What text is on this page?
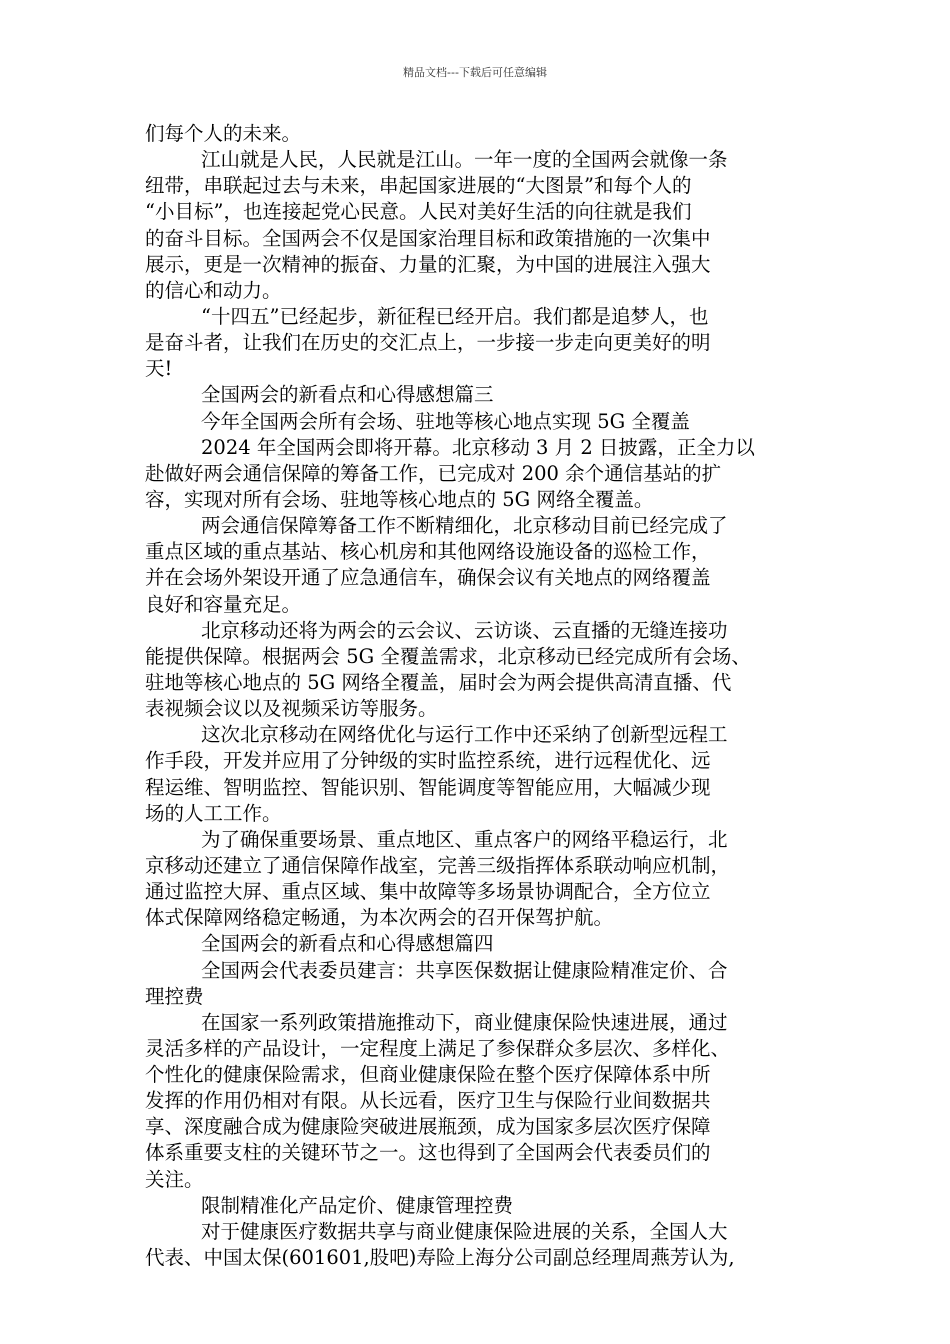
精品文档---下载后可任意编辑
们每个人的未来。
江山就是人民，人民就是江山。一年一度的全国两会就像一条
纽带，串联起过去与未来，串起国家进展的“大图景”和每个人的
“小目标”，也连接起党心民意。人民对美好生活的向往就是我们
的奋斗目标。全国两会不仅是国家治理目标和政策措施的一次集中
展示，更是一次精神的振奋、力量的汇聚，为中国的进展注入强大
的信心和动力。
“十四五”已经起步，新征程已经开启。我们都是追梦人，也
是奋斗者，让我们在历史的交汇点上，一步接一步走向更美好的明
天!
全国两会的新看点和心得感想篇三
今年全国两会所有会场、驻地等核心地点实现 5G 全覆盖
2024 年全国两会即将开幕。北京移动 3 月 2 日披露，正全力以
赴做好两会通信保障的筹备工作，已完成对 200 余个通信基站的扩
容，实现对所有会场、驻地等核心地点的 5G 网络全覆盖。
两会通信保障筹备工作不断精细化，北京移动目前已经完成了
重点区域的重点基站、核心机房和其他网络设施设备的巡检工作，
并在会场外架设开通了应急通信车，确保会议有关地点的网络覆盖
良好和容量充足。
北京移动还将为两会的云会议、云访谈、云直播的无缝连接功
能提供保障。根据两会 5G 全覆盖需求，北京移动已经完成所有会场、
驻地等核心地点的 5G 网络全覆盖，届时会为两会提供高清直播、代
表视频会议以及视频采访等服务。
这次北京移动在网络优化与运行工作中还采纳了创新型远程工
作手段，开发并应用了分钟级的实时监控系统，进行远程优化、远
程运维、智明监控、智能识别、智能调度等智能应用，大幅减少现
场的人工工作。
为了确保重要场景、重点地区、重点客户的网络平稳运行，北
京移动还建立了通信保障作战室，完善三级指挥体系联动响应机制，
通过监控大屏、重点区域、集中故障等多场景协调配合，全方位立
体式保障网络稳定畅通，为本次两会的召开保驾护航。
全国两会的新看点和心得感想篇四
全国两会代表委员建言：共享医保数据让健康险精准定价、合
理控费
在国家一系列政策措施推动下，商业健康保险快速进展，通过
灵活多样的产品设计，一定程度上满足了参保群众多层次、多样化、
个性化的健康保险需求，但商业健康保险在整个医疗保障体系中所
发挥的作用仍相对有限。从长远看，医疗卫生与保险行业间数据共
享、深度融合成为健康险突破进展瓶颈，成为国家多层次医疗保障
体系重要支柱的关键环节之一。这也得到了全国两会代表委员们的
关注。
限制精准化产品定价、健康管理控费
对于健康医疗数据共享与商业健康保险进展的关系，全国人大
代表、中国太保(601601,股吧)寿险上海分公司副总经理周燕芳认为,
